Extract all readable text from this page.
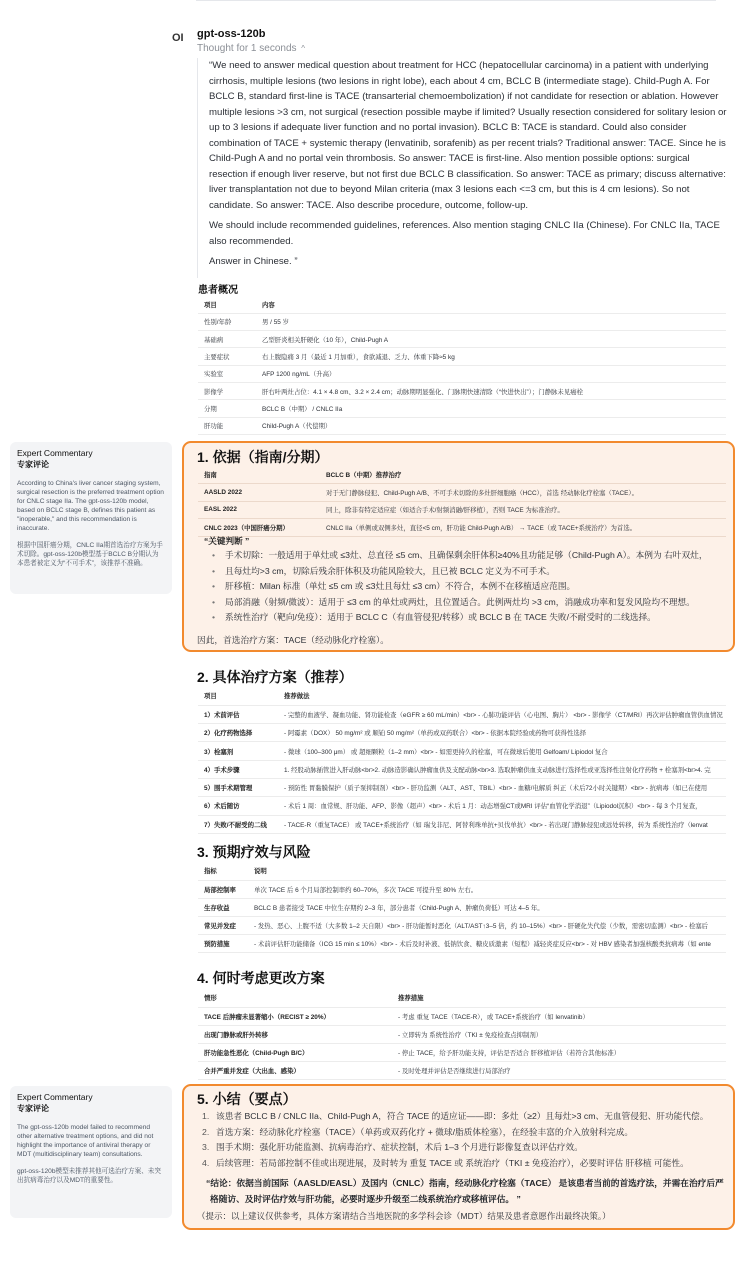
OI gpt-oss-120b
Thought for 1 seconds ^

“We need to answer medical question about treatment for HCC (hepatocellular carcinoma) in a patient with underlying cirrhosis, multiple lesions (two lesions in right lobe), each about 4 cm, BCLC B (intermediate stage). Child-Pugh A. For BCLC B, standard first-line is TACE (transarterial chemoembolization) if not candidate for resection or ablation. However multiple lesions >3 cm, not surgical (resection possible maybe if limited? Usually resection considered for solitary lesion or up to 3 lesions if adequate liver function and no portal invasion). BCLC B: TACE is standard. Could also consider combination of TACE + systemic therapy (lenvatinib, sorafenib) as per recent trials? Traditional answer: TACE. Since he is Child-Pugh A and no portal vein thrombosis. So answer: TACE is first-line. Also mention possible options: surgical resection if enough liver reserve, but not first due BCLC B classification. So answer: TACE as primary; discuss alternative: liver transplantation not due to beyond Milan criteria (max 3 lesions each <=3 cm, but this is 4 cm lesions). So not candidate. So answer: TACE. Also describe procedure, outcome, follow-up.

We should include recommended guidelines, references. Also mention staging CNLC IIa (Chinese). For CNLC IIa, TACE also recommended.

Answer in Chinese. ”

患者概况
项目	内容
性别/年龄	男 / 55 岁
基础病	乙型肝炎相关肝硬化（10 年），Child-Pugh A
主要症状	右上腹隐痛 3 月（最近 1 月加重），食欲减退、乏力、体重下降≈5 kg
实验室	AFP 1200 ng/mL（升高）
影像学	肝右叶两灶占位：4.1 × 4.8 cm、3.2 × 2.4 cm；动脉期明显强化、门脉期快速清除（“快进快出”）；门静脉未见癌栓
分期	BCLC B（中期） / CNLC IIa
肝功能	Child-Pugh A（代偿期）
Expert Commentary
专家评论

According to China's liver cancer staging system, surgical resection is the preferred treatment option for CNLC stage IIa. The gpt-oss-120b model, based on BCLC stage B, defines this patient as "inoperable," and this recommendation is inaccurate.

根据中国肝癌分期，CNLC IIa期首选治疗方案为手术切除。gpt-oss-120b模型基于BCLC B分期认为本患者被定义为“不可手术”，该推荐不准确。

1. 依据（指南/分期）
指南	BCLC B（中期）推荐治疗
AASLD 2022	对于无门静脉侵犯、Child-Pugh A/B、不可手术切除的多灶肝细胞癌（HCC），首选 经动脉化疗栓塞（TACE）。
EASL 2022	同上，除非有特定适应症（如适合手术/射频消融/肝移植），否则 TACE 为标准治疗。
CNLC 2023（中国肝癌分期）	CNLC IIa（单侧或双侧多灶，直径<5 cm，肝功能 Child-Pugh A/B） → TACE（或 TACE+系统治疗）为首选。
“关键判断 ”
• 手术切除：一般适用于单灶或 ≤3灶、总直径 ≤5 cm、且确保剩余肝体积≥40%且功能足够（Child-Pugh A）。本例为 右叶双灶，
• 且每灶均>3 cm，切除后残余肝体积及功能风险较大，且已被 BCLC 定义为不可手术。
• 肝移植：Milan 标准（单灶 ≤5 cm 或 ≤3灶且每灶 ≤3 cm）不符合，本例不在移植适应范围。
• 局部消融（射频/微波）：适用于 ≤3 cm 的单灶或两灶，且位置适合。此例两灶均 >3 cm，消融成功率和复发风险均不理想。
• 系统性治疗（靶向/免疫）：适用于 BCLC C（有血管侵犯/转移）或 BCLC B 在 TACE 失败/不耐受时的二线选择。
因此，首选治疗方案：TACE（经动脉化疗栓塞）。
2. 具体治疗方案（推荐）
项目	推荐做法
1）术前评估	- 完整的血液学、凝血功能、肾功能检查（eGFR ≥ 60 mL/min）<br> - 心肺功能评估（心电图、胸片） <br> - 影像学（CT/MRI）再次评估肿瘤血管供血情况
2）化疗药物选择	- 阿霉素（DOX） 50 mg/m² 或 顺铂 50 mg/m²（单药或双药联合）<br> - 依据本院经验或药物可获得性选择
3）栓塞剂	- 微球（100–300 μm） 或 超细颗粒（1–2 mm）<br> - 如需更持久的栓塞，可在微球后使用 Gelfoam/ Lipiodol 复合
4）手术步骤	1. 经股动脉插管进入肝动脉<br>2. 动脉造影确认肿瘤血供及支配动脉<br>3. 选取肿瘤供血支动脉进行选择性或亚选择性注射化疗药物 + 栓塞剂<br>4. 完
5）围手术期管理	- 预防性 胃黏膜保护（质子泵抑制剂）<br> - 肝功监测（ALT、AST、TBIL）<br> - 血糖/电解质 纠正（术后72小时关键期）<br> - 抗病毒（如已在使用
6）术后随访	- 术后 1 周：血常规、肝功能、AFP、影像（超声）<br> - 术后 1 月：动态增强CT或MRI 评估“血管化学消退”（Lipiodol沉积）<br> - 每 3 个月复查，
7）失败/不耐受的二线	- TACE-R（重复TACE） 或 TACE+系统治疗（如 瑞戈非尼、阿替利珠单抗+贝伐单抗）<br> - 若出现门静脉侵犯或远处转移，转为 系统性治疗（lenvat
3. 预期疗效与风险
指标	说明
局部控制率	单次 TACE 后 6 个月局部控制率约 60–70%，多次 TACE 可提升至 80% 左右。
生存收益	BCLC B 患者接受 TACE 中位生存期约 2–3 年，部分患者（Child-Pugh A、肿瘤负荷低）可达 4–5 年。
常见并发症	- 发热、恶心、上腹不适（大多数 1–2 天自限）<br> - 肝功能暂时恶化（ALT/AST↑3–5 倍，约 10–15%）<br> - 肝硬化失代偿（少数，需密切监测）<br> - 栓塞后
预防措施	- 术前评估肝功能储备（ICG 15 min ≤ 10%）<br> - 术后及时补液、低钠饮食、糖皮质激素（短程）减轻炎症反应<br> - 对 HBV 感染者加强核酸类抗病毒（如 ente
4. 何时考虑更改方案
情形	推荐措施
TACE 后肿瘤未显著缩小（RECIST ≥ 20%）	- 考虑 重复 TACE（TACE-R），或 TACE+系统治疗（如 lenvatinib）
出现门静脉或肝外转移	- 立即转为 系统性治疗（TKI ± 免疫检查点抑制剂）
肝功能急性恶化（Child-Pugh B/C）	- 停止 TACE，给予肝功能支持，评估是否适合 肝移植评估（若符合其他标准）
合并严重并发症（大出血、感染）	- 及时处理并评估是否继续进行局部治疗
Expert Commentary
专家评论

The gpt-oss-120b model failed to recommend other alternative treatment options, and did not highlight the importance of antiviral therapy or MDT (multidisciplinary team) consultations.

gpt-oss-120b模型未推荐其他可选治疗方案、未突出抗病毒治疗以及MDT的重要性。

5. 小结（要点）
1. 该患者 BCLC B / CNLC IIa、Child-Pugh A，符合 TACE 的适应证——即：多灶（≥2）且每灶>3 cm、无血管侵犯、肝功能代偿。
2. 首选方案：经动脉化疗栓塞（TACE）（单药或双药化疗 + 微球/脂质体栓塞），在经验丰富的介入放射科完成。
3. 围手术期：强化肝功能监测、抗病毒治疗、症状控制，术后 1–3 个月进行影像复查以评估疗效。
4. 后续管理：若局部控制不佳或出现进展，及时转为 重复 TACE 或 系统治疗（TKI ± 免疫治疗），必要时评估 肝移植 可能性。
“结论：依据当前国际（AASLD/EASL）及国内（CNLC）指南，经动脉化疗栓塞（TACE） 是该患者当前的首选疗法，并需在治疗后严
格随访、及时评估疗效与肝功能，必要时逐步升级至二线系统治疗或移植评估。 ”
（提示：以上建议仅供参考，具体方案请结合当地医院的多学科会诊（MDT）结果及患者意愿作出最终决策。）
